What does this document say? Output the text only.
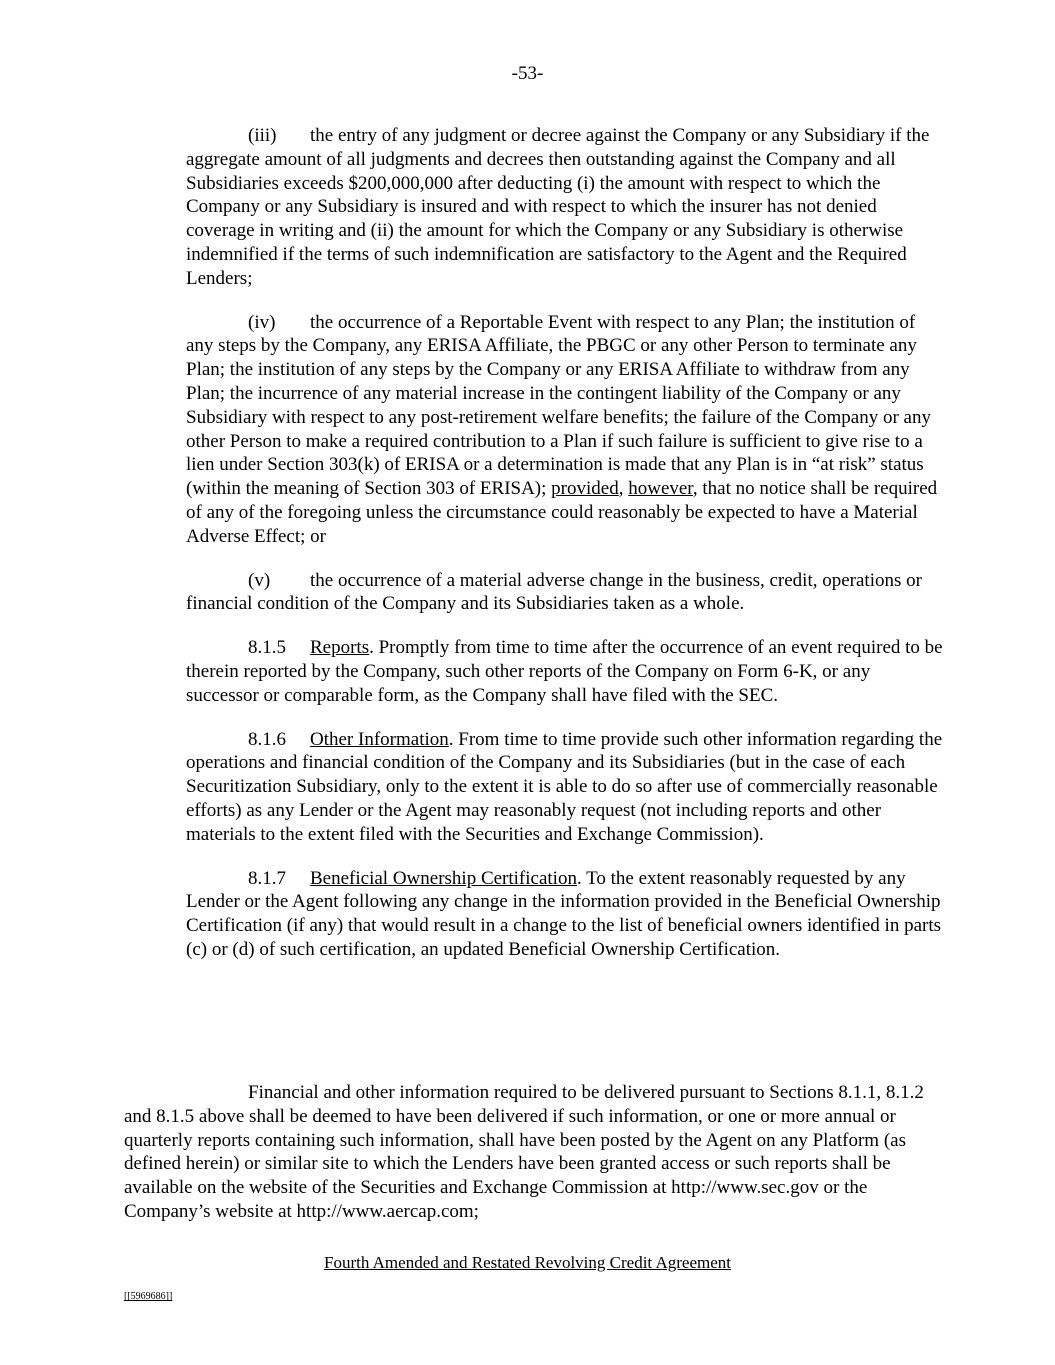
-53-

(iii) the entry of any judgment or decree against the Company or any Subsidiary if the aggregate amount of all judgments and decrees then outstanding against the Company and all Subsidiaries exceeds $200,000,000 after deducting (i) the amount with respect to which the Company or any Subsidiary is insured and with respect to which the insurer has not denied coverage in writing and (ii) the amount for which the Company or any Subsidiary is otherwise indemnified if the terms of such indemnification are satisfactory to the Agent and the Required Lenders;

(iv) the occurrence of a Reportable Event with respect to any Plan; the institution of any steps by the Company, any ERISA Affiliate, the PBGC or any other Person to terminate any Plan; the institution of any steps by the Company or any ERISA Affiliate to withdraw from any Plan; the incurrence of any material increase in the contingent liability of the Company or any Subsidiary with respect to any post-retirement welfare benefits; the failure of the Company or any other Person to make a required contribution to a Plan if such failure is sufficient to give rise to a lien under Section 303(k) of ERISA or a determination is made that any Plan is in “at risk” status (within the meaning of Section 303 of ERISA); provided, however, that no notice shall be required of any of the foregoing unless the circumstance could reasonably be expected to have a Material Adverse Effect; or

(v) the occurrence of a material adverse change in the business, credit, operations or financial condition of the Company and its Subsidiaries taken as a whole.

8.1.5 Reports. Promptly from time to time after the occurrence of an event required to be therein reported by the Company, such other reports of the Company on Form 6-K, or any successor or comparable form, as the Company shall have filed with the SEC.

8.1.6 Other Information. From time to time provide such other information regarding the operations and financial condition of the Company and its Subsidiaries (but in the case of each Securitization Subsidiary, only to the extent it is able to do so after use of commercially reasonable efforts) as any Lender or the Agent may reasonably request (not including reports and other materials to the extent filed with the Securities and Exchange Commission).

8.1.7 Beneficial Ownership Certification. To the extent reasonably requested by any Lender or the Agent following any change in the information provided in the Beneficial Ownership Certification (if any) that would result in a change to the list of beneficial owners identified in parts (c) or (d) of such certification, an updated Beneficial Ownership Certification.

Financial and other information required to be delivered pursuant to Sections 8.1.1, 8.1.2 and 8.1.5 above shall be deemed to have been delivered if such information, or one or more annual or quarterly reports containing such information, shall have been posted by the Agent on any Platform (as defined herein) or similar site to which the Lenders have been granted access or such reports shall be available on the website of the Securities and Exchange Commission at http://www.sec.gov or the Company’s website at http://www.aercap.com;

Fourth Amended and Restated Revolving Credit Agreement
[[5969686]]
